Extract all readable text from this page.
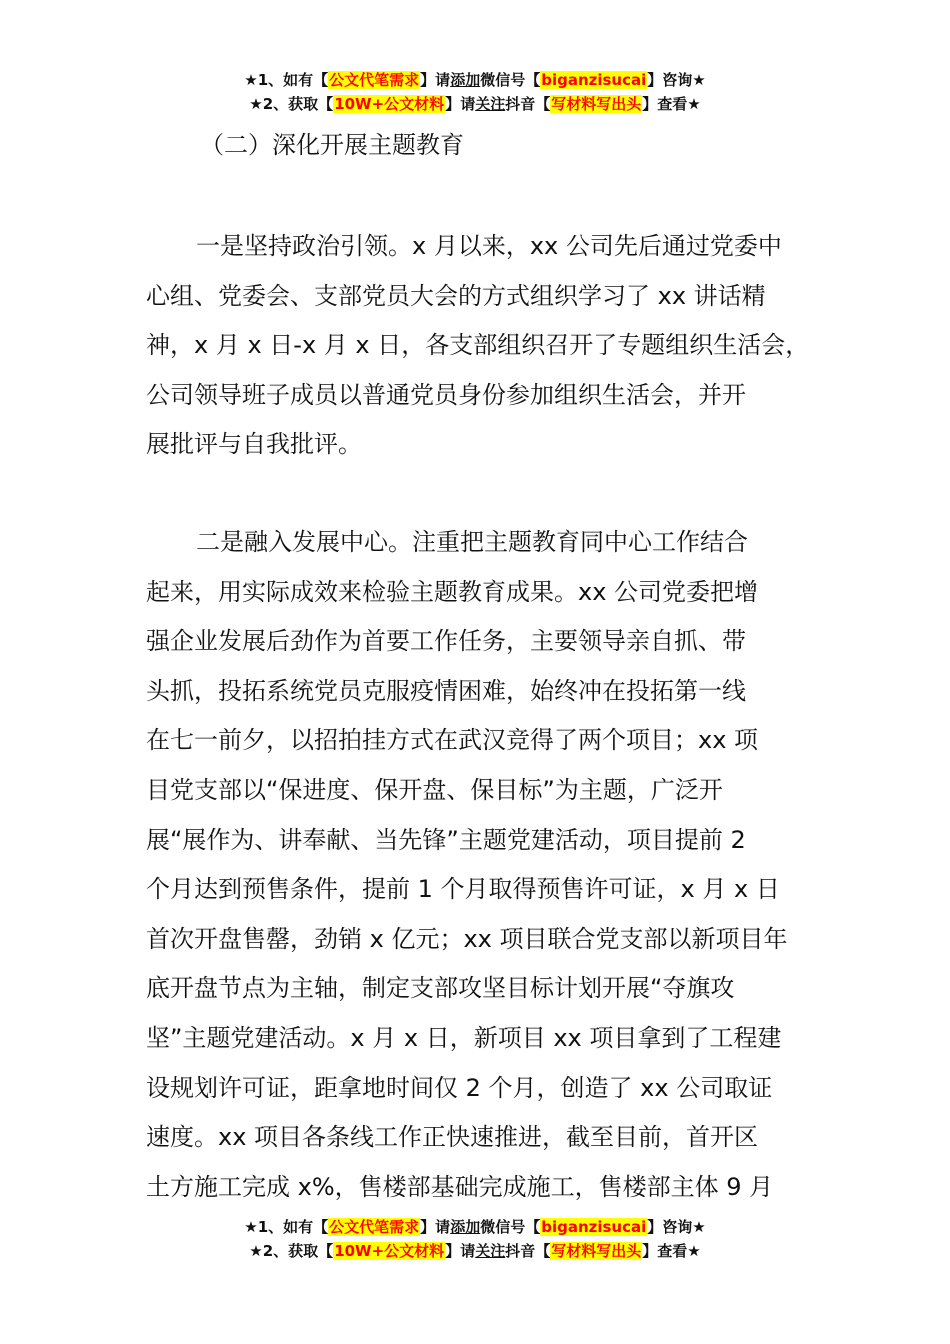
★1、如有【公文代笔需求】请添加微信号【biganzisucai】咨询★
★2、获取【10W+公文材料】请关注抖音【写材料写出头】查看★
（二）深化开展主题教育
一是坚持政治引领。x 月以来，xx 公司先后通过党委中
心组、党委会、支部党员大会的方式组织学习了 xx 讲话精
神，x 月 x 日-x 月 x 日，各支部组织召开了专题组织生活会，
公司领导班子成员以普通党员身份参加组织生活会，并开
展批评与自我批评。
二是融入发展中心。注重把主题教育同中心工作结合
起来，用实际成效来检验主题教育成果。xx 公司党委把增
强企业发展后劲作为首要工作任务，主要领导亲自抓、带
头抓，投拓系统党员克服疫情困难，始终冲在投拓第一线
在七一前夕，以招拍挂方式在武汉竞得了两个项目；xx 项
目党支部以“保进度、保开盘、保目标”为主题，广泛开
展“展作为、讲奉献、当先锋”主题党建活动，项目提前 2
个月达到预售条件，提前 1 个月取得预售许可证，x 月 x 日
首次开盘售罄，劲销 x 亿元；xx 项目联合党支部以新项目年
底开盘节点为主轴，制定支部攻坚目标计划开展“夺旗攻
坚”主题党建活动。x 月 x 日，新项目 xx 项目拿到了工程建
设规划许可证，距拿地时间仅 2 个月，创造了 xx 公司取证
速度。xx 项目各条线工作正快速推进，截至目前，首开区
土方施工完成 x%，售楼部基础完成施工，售楼部主体 9 月
★1、如有【公文代笔需求】请添加微信号【biganzisucai】咨询★
★2、获取【10W+公文材料】请关注抖音【写材料写出头】查看★
